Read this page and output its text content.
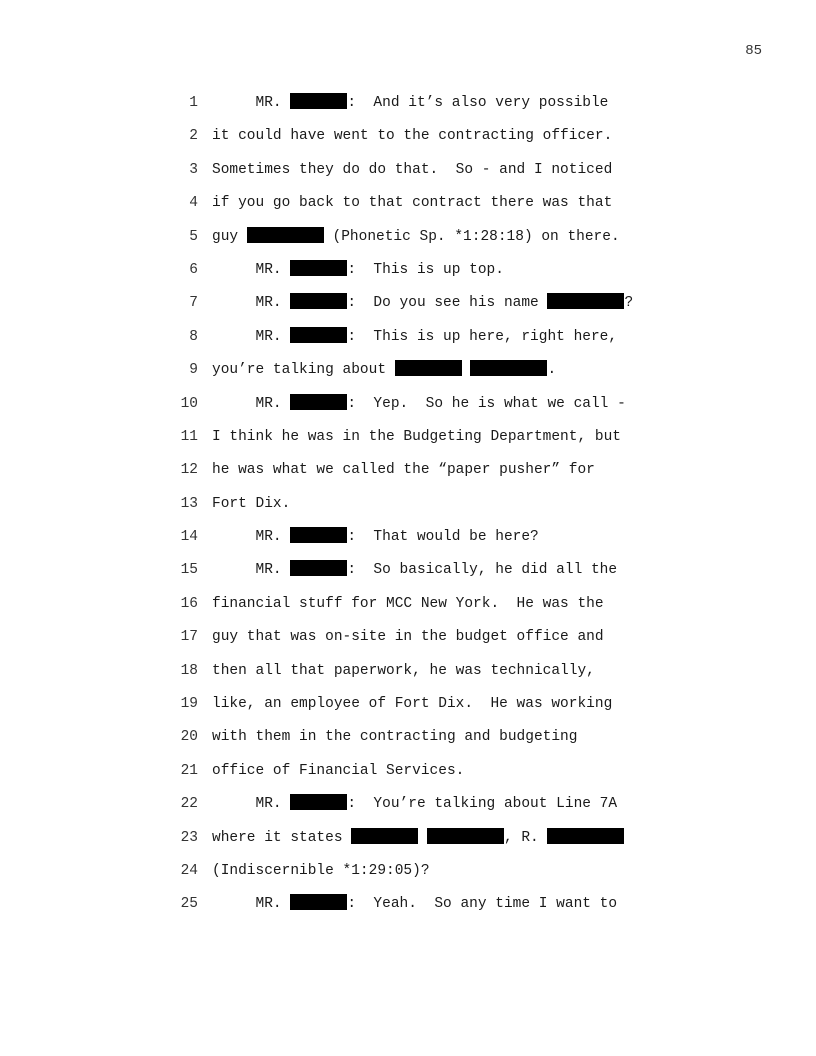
85
1 MR.	:  And it’s also very possible
2 it could have went to the contracting officer.
3 Sometimes they do do that.  So - and I noticed
4 if you go back to that contract there was that
5 guy	(Phonetic Sp. *1:28:18) on there.
6 MR.	:  This is up top.
7 MR.	:  Do you see his name	?
8 MR.	:  This is up here, right here,
9 you’re talking about	.
10 MR.	:  Yep.  So he is what we call -
11 I think he was in the Budgeting Department, but
12 he was what we called the “paper pusher” for
13 Fort Dix.
14 MR.	:  That would be here?
15 MR.	:  So basically, he did all the
16 financial stuff for MCC New York.  He was the
17 guy that was on-site in the budget office and
18 then all that paperwork, he was technically,
19 like, an employee of Fort Dix.  He was working
20 with them in the contracting and budgeting
21 office of Financial Services.
22 MR.	:  You’re talking about Line 7A
23 where it states	, R.
24 (Indiscernible *1:29:05)?
25 MR.	:  Yeah.  So any time I want to
